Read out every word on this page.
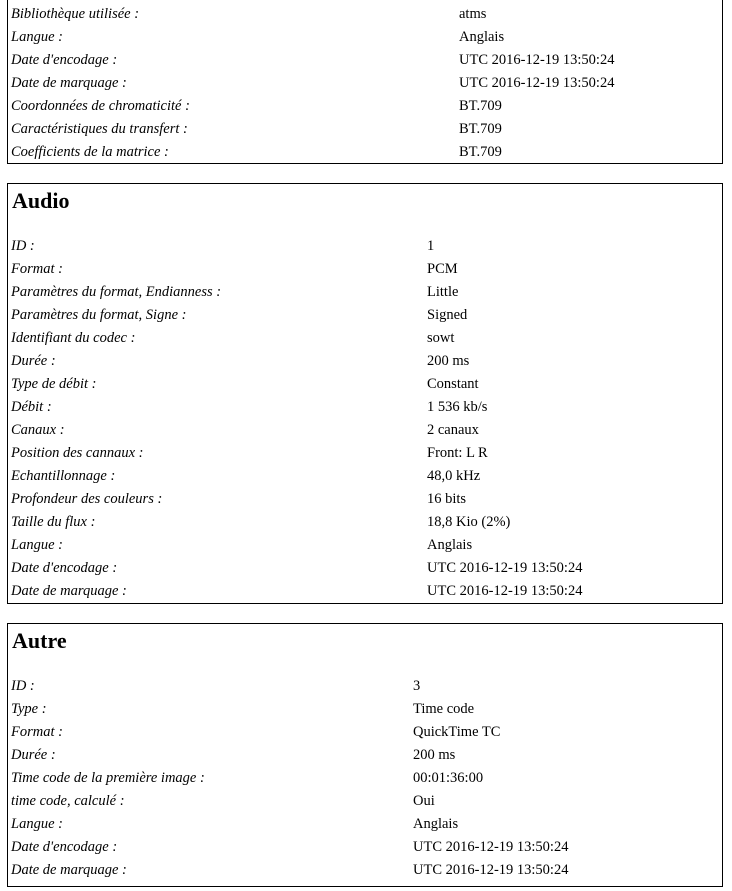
Bibliothèque utilisée :	atms
Langue :	Anglais
Date d'encodage :	UTC 2016-12-19 13:50:24
Date de marquage :	UTC 2016-12-19 13:50:24
Coordonnées de chromaticité :	BT.709
Caractéristiques du transfert :	BT.709
Coefficients de la matrice :	BT.709
Audio
ID :	1
Format :	PCM
Paramètres du format, Endianness :	Little
Paramètres du format, Signe :	Signed
Identifiant du codec :	sowt
Durée :	200 ms
Type de débit :	Constant
Débit :	1 536 kb/s
Canaux :	2 canaux
Position des cannaux :	Front: L R
Echantillonnage :	48,0 kHz
Profondeur des couleurs :	16 bits
Taille du flux :	18,8 Kio (2%)
Langue :	Anglais
Date d'encodage :	UTC 2016-12-19 13:50:24
Date de marquage :	UTC 2016-12-19 13:50:24
Autre
ID :	3
Type :	Time code
Format :	QuickTime TC
Durée :	200 ms
Time code de la première image :	00:01:36:00
time code, calculé :	Oui
Langue :	Anglais
Date d'encodage :	UTC 2016-12-19 13:50:24
Date de marquage :	UTC 2016-12-19 13:50:24
